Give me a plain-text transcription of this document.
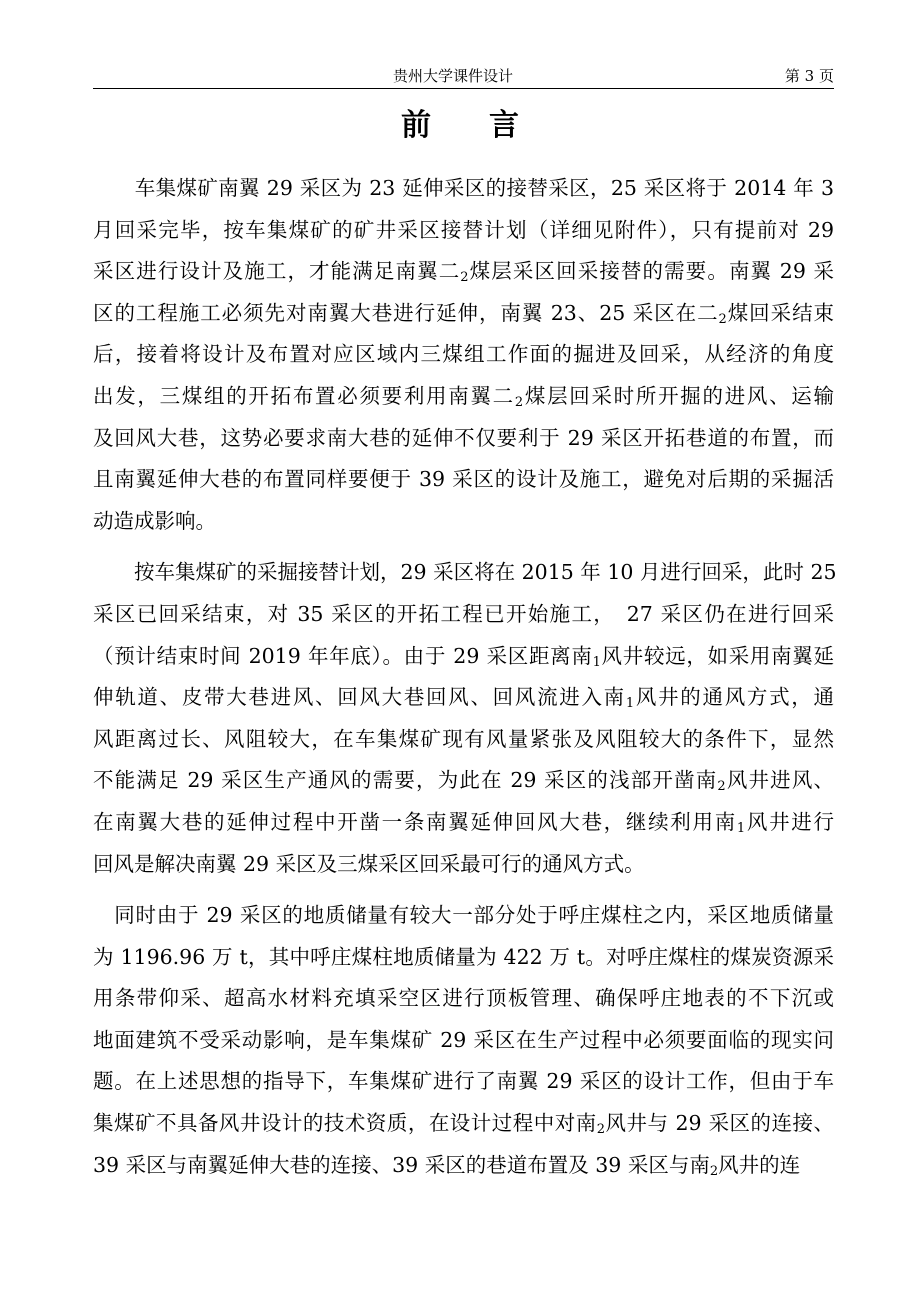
贵州大学课件设计	第 3 页
前言
　　车集煤矿南翼 29 采区为 23 延伸采区的接替采区，25 采区将于 2014 年 3
月回采完毕，按车集煤矿的矿井采区接替计划（详细见附件），只有提前对 29
采区进行设计及施工，才能满足南翼二$_2$煤层采区回采接替的需要。南翼 29 采
区的工程施工必须先对南翼大巷进行延伸，南翼 23、25 采区在二$_2$煤回采结束
后，接着将设计及布置对应区域内三煤组工作面的掘进及回采，从经济的角度
出发，三煤组的开拓布置必须要利用南翼二$_2$煤层回采时所开掘的进风、运输
及回风大巷，这势必要求南大巷的延伸不仅要利于 29 采区开拓巷道的布置，而
且南翼延伸大巷的布置同样要便于 39 采区的设计及施工，避免对后期的采掘活
动造成影响。
　　按车集煤矿的采掘接替计划，29 采区将在 2015 年 10 月进行回采，此时 25
采区已回采结束，对 35 采区的开拓工程已开始施工，　27 采区仍在进行回采
（预计结束时间 2019 年年底）。由于 29 采区距离南$_1$风井较远，如采用南翼延
伸轨道、皮带大巷进风、回风大巷回风、回风流进入南$_1$风井的通风方式，通
风距离过长、风阻较大，在车集煤矿现有风量紧张及风阻较大的条件下，显然
不能满足 29 采区生产通风的需要，为此在 29 采区的浅部开凿南$_2$风井进风、
在南翼大巷的延伸过程中开凿一条南翼延伸回风大巷，继续利用南$_1$风井进行
回风是解决南翼 29 采区及三煤采区回采最可行的通风方式。
　同时由于 29 采区的地质储量有较大一部分处于呼庄煤柱之内，采区地质储量
为 1196.96 万 t，其中呼庄煤柱地质储量为 422 万 t。对呼庄煤柱的煤炭资源采
用条带仰采、超高水材料充填采空区进行顶板管理、确保呼庄地表的不下沉或
地面建筑不受采动影响，是车集煤矿 29 采区在生产过程中必须要面临的现实问
题。在上述思想的指导下，车集煤矿进行了南翼 29 采区的设计工作，但由于车
集煤矿不具备风井设计的技术资质，在设计过程中对南$_2$风井与 29 采区的连接、
39 采区与南翼延伸大巷的连接、39 采区的巷道布置及 39 采区与南$_2$风井的连
